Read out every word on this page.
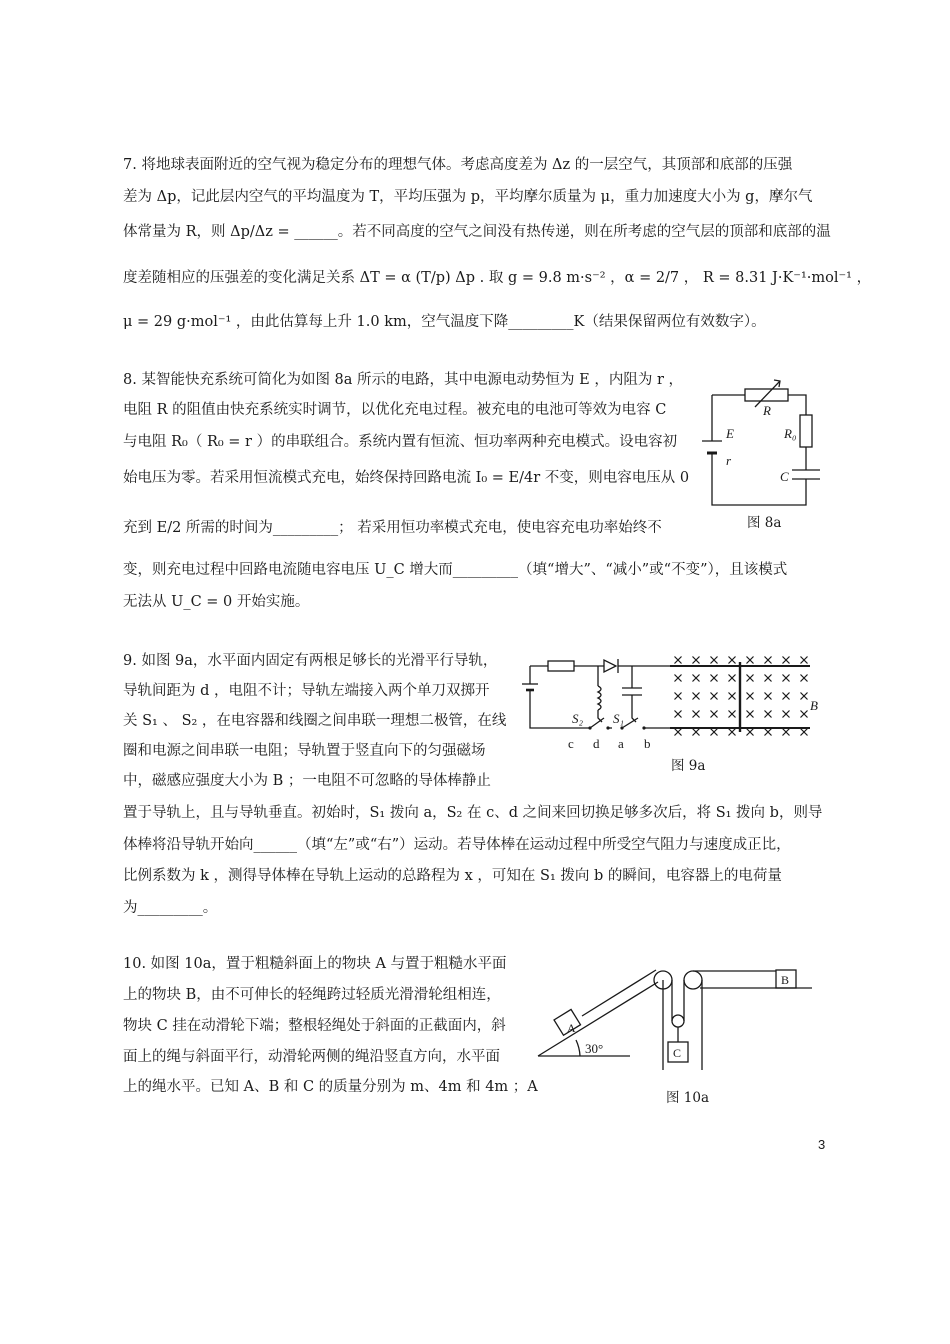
7. 将地球表面附近的空气视为稳定分布的理想气体。考虑高度差为 Δz 的一层空气，其顶部和底部的压强
差为 Δp，记此层内空气的平均温度为 T，平均压强为 p，平均摩尔质量为 μ，重力加速度大小为 g，摩尔气
体常量为 R，则 Δp/Δz = ______。若不同高度的空气之间没有热传递，则在所考虑的空气层的顶部和底部的温
度差随相应的压强差的变化满足关系 ΔT = α (T/p) Δp . 取 g = 9.8 m·s⁻² ，α = 2/7 ， R = 8.31 J·K⁻¹·mol⁻¹ ，
μ = 29 g·mol⁻¹ ，由此估算每上升 1.0 km，空气温度下降_________K（结果保留两位有效数字）。
8. 某智能快充系统可简化为如图 8a 所示的电路，其中电源电动势恒为 E ，内阻为 r ，
电阻 R 的阻值由快充系统实时调节，以优化充电过程。被充电的电池可等效为电容 C
与电阻 R₀（ R₀ = r ）的串联组合。系统内置有恒流、恒功率两种充电模式。设电容初
始电压为零。若采用恒流模式充电，始终保持回路电流 I₀ = E/4r 不变，则电容电压从 0
充到 E/2 所需的时间为_________； 若采用恒功率模式充电，使电容充电功率始终不
变，则充电过程中回路电流随电容电压 U_C 增大而_________（填“增大”、“减小”或“不变”），且该模式
无法从 U_C = 0 开始实施。
R
E
r
R₀
C
图 8a
9. 如图 9a，水平面内固定有两根足够长的光滑平行导轨，
导轨间距为 d ，电阻不计；导轨左端接入两个单刀双掷开
关 S₁ 、 S₂ ，在电容器和线圈之间串联一理想二极管，在线
圈和电源之间串联一电阻；导轨置于竖直向下的匀强磁场
中，磁感应强度大小为 B ；一电阻不可忽略的导体棒静止
置于导轨上，且与导轨垂直。初始时，S₁ 拨向 a，S₂ 在 c、d 之间来回切换足够多次后，将 S₁ 拨向 b，则导
体棒将沿导轨开始向______（填“左”或“右”）运动。若导体棒在运动过程中所受空气阻力与速度成正比，
比例系数为 k ，测得导体棒在导轨上运动的总路程为 x ，可知在 S₁ 拨向 b 的瞬间，电容器上的电荷量
为_________。
S₂ S₁
c d a b
B
图 9a
10. 如图 10a，置于粗糙斜面上的物块 A 与置于粗糙水平面
上的物块 B，由不可伸长的轻绳跨过轻质光滑滑轮组相连，
物块 C 挂在动滑轮下端；整根轻绳处于斜面的正截面内，斜
面上的绳与斜面平行，动滑轮两侧的绳沿竖直方向，水平面
上的绳水平。已知 A、B 和 C 的质量分别为 m、4m 和 4m ；A
A
B
C
30°
图 10a
3
